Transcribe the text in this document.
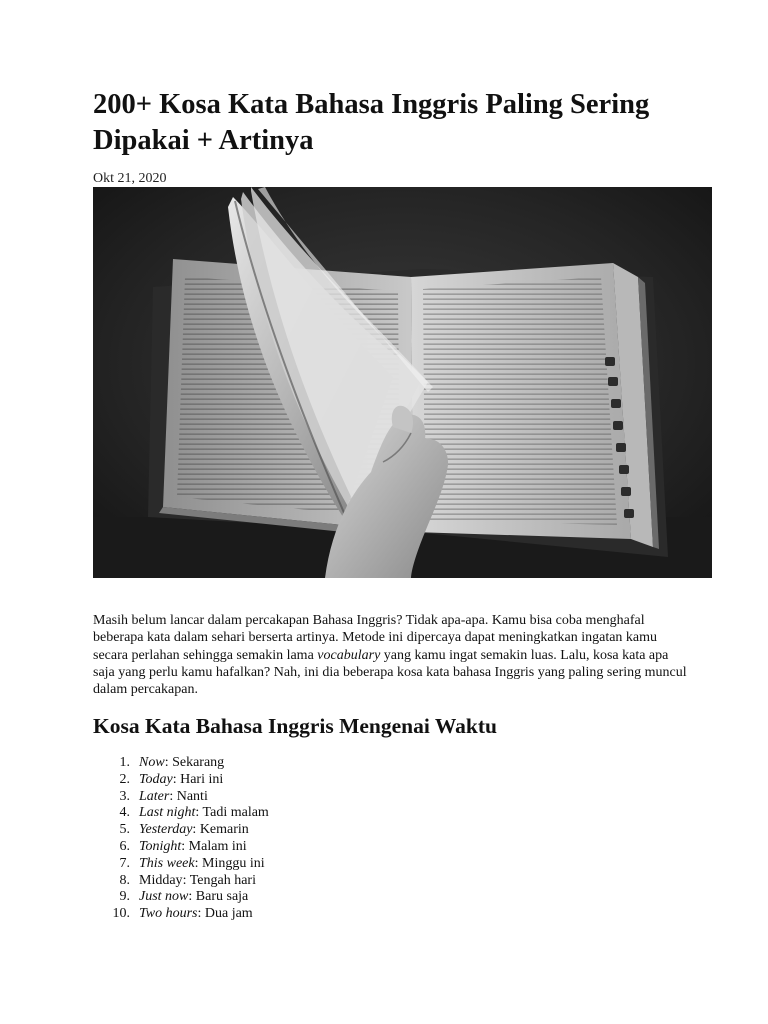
200+ Kosa Kata Bahasa Inggris Paling Sering Dipakai + Artinya
Okt 21, 2020

Masih belum lancar dalam percakapan Bahasa Inggris? Tidak apa-apa. Kamu bisa coba menghafal beberapa kata dalam sehari berserta artinya. Metode ini dipercaya dapat meningkatkan ingatan kamu secara perlahan sehingga semakin lama vocabulary yang kamu ingat semakin luas. Lalu, kosa kata apa saja yang perlu kamu hafalkan? Nah, ini dia beberapa kosa kata bahasa Inggris yang paling sering muncul dalam percakapan.

Kosa Kata Bahasa Inggris Mengenai Waktu
1. Now: Sekarang
2. Today: Hari ini
3. Later: Nanti
4. Last night: Tadi malam
5. Yesterday: Kemarin
6. Tonight: Malam ini
7. This week: Minggu ini
8. Midday: Tengah hari
9. Just now: Baru saja
10. Two hours: Dua jam
